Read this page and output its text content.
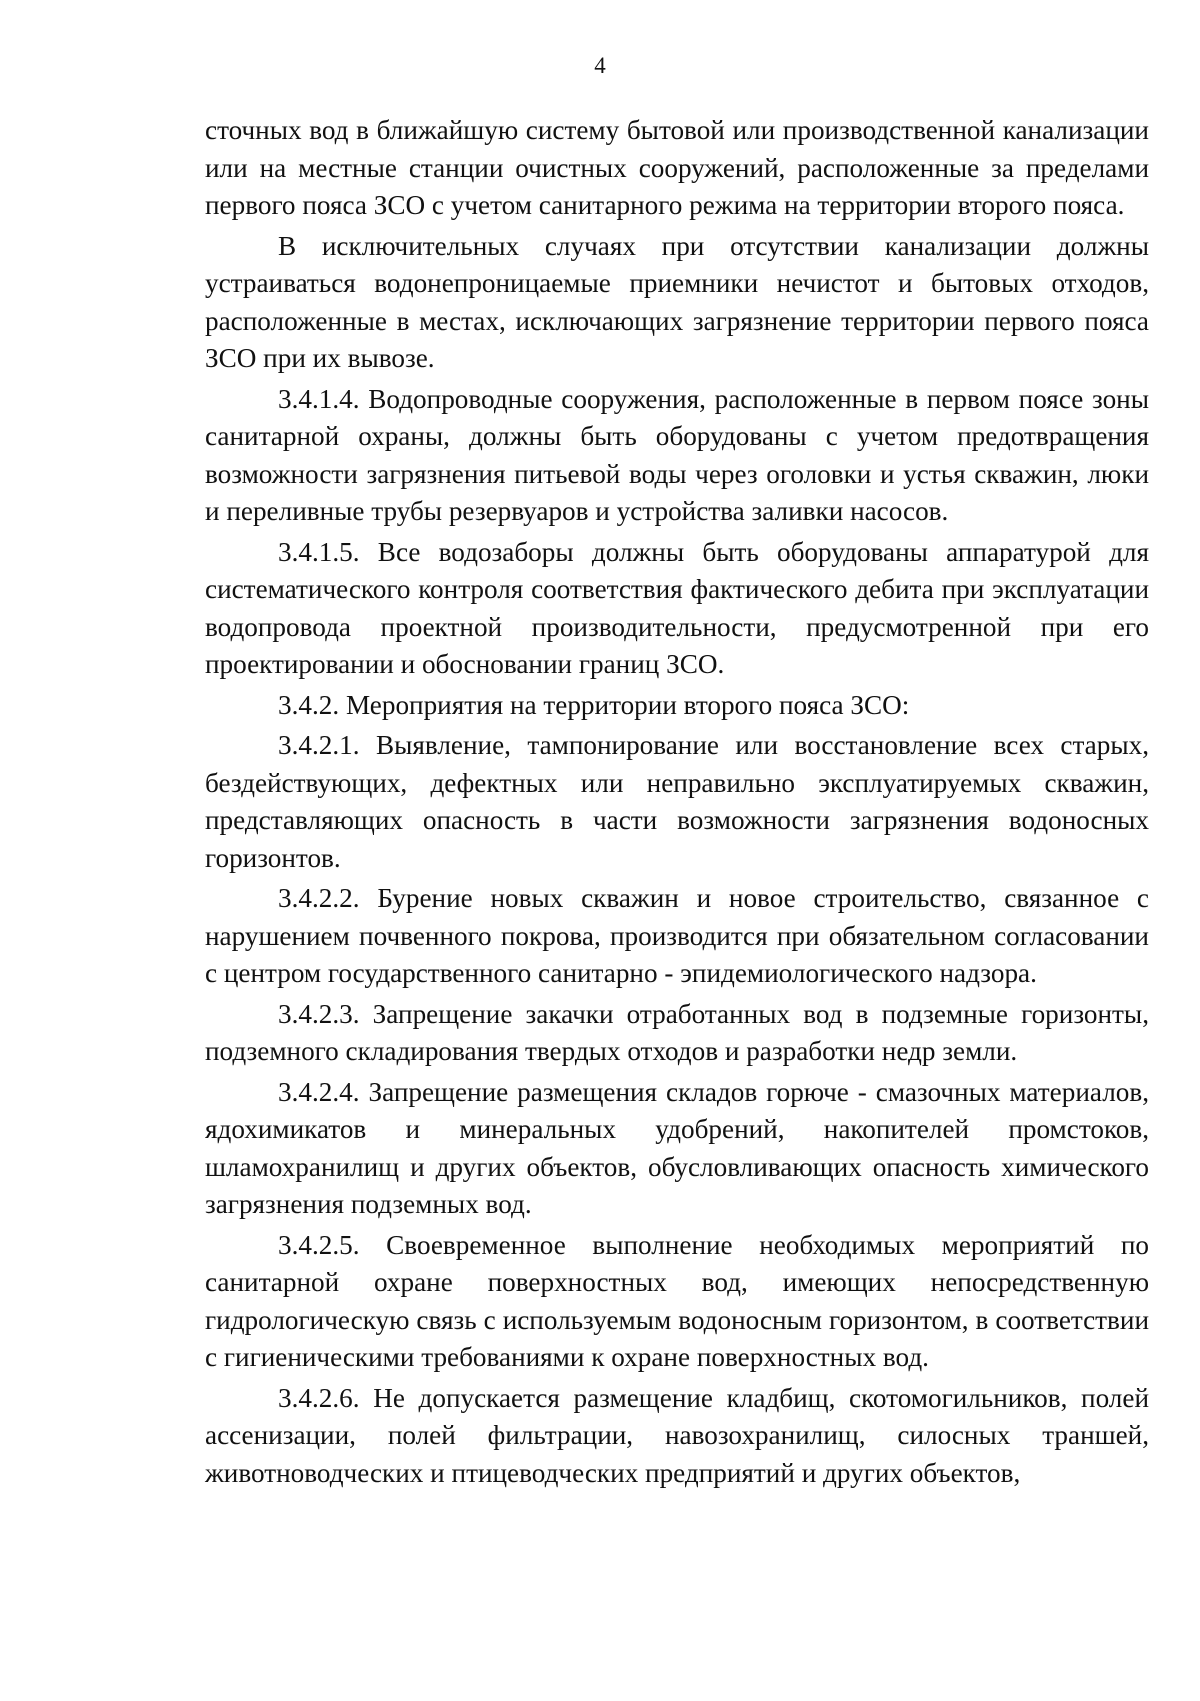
4

сточных вод в ближайшую систему бытовой или производственной канализации или на местные станции очистных сооружений, расположенные за пределами первого пояса ЗСО с учетом санитарного режима на территории второго пояса.

В исключительных случаях при отсутствии канализации должны устраиваться водонепроницаемые приемники нечистот и бытовых отходов, расположенные в местах, исключающих загрязнение территории первого пояса ЗСО при их вывозе.

3.4.1.4. Водопроводные сооружения, расположенные в первом поясе зоны санитарной охраны, должны быть оборудованы с учетом предотвращения возможности загрязнения питьевой воды через оголовки и устья скважин, люки и переливные трубы резервуаров и устройства заливки насосов.

3.4.1.5. Все водозаборы должны быть оборудованы аппаратурой для систематического контроля соответствия фактического дебита при эксплуатации водопровода проектной производительности, предусмотренной при его проектировании и обосновании границ ЗСО.

3.4.2. Мероприятия на территории второго пояса ЗСО:

3.4.2.1. Выявление, тампонирование или восстановление всех старых, бездействующих, дефектных или неправильно эксплуатируемых скважин, представляющих опасность в части возможности загрязнения водоносных горизонтов.

3.4.2.2. Бурение новых скважин и новое строительство, связанное с нарушением почвенного покрова, производится при обязательном согласовании с центром государственного санитарно - эпидемиологического надзора.

3.4.2.3. Запрещение закачки отработанных вод в подземные горизонты, подземного складирования твердых отходов и разработки недр земли.

3.4.2.4. Запрещение размещения складов горюче - смазочных материалов, ядохимикатов и минеральных удобрений, накопителей промстоков, шламохранилищ и других объектов, обусловливающих опасность химического загрязнения подземных вод.

3.4.2.5. Своевременное выполнение необходимых мероприятий по санитарной охране поверхностных вод, имеющих непосредственную гидрологическую связь с используемым водоносным горизонтом, в соответствии с гигиеническими требованиями к охране поверхностных вод.

3.4.2.6. Не допускается размещение кладбищ, скотомогильников, полей ассенизации, полей фильтрации, навозохранилищ, силосных траншей, животноводческих и птицеводческих предприятий и других объектов,
